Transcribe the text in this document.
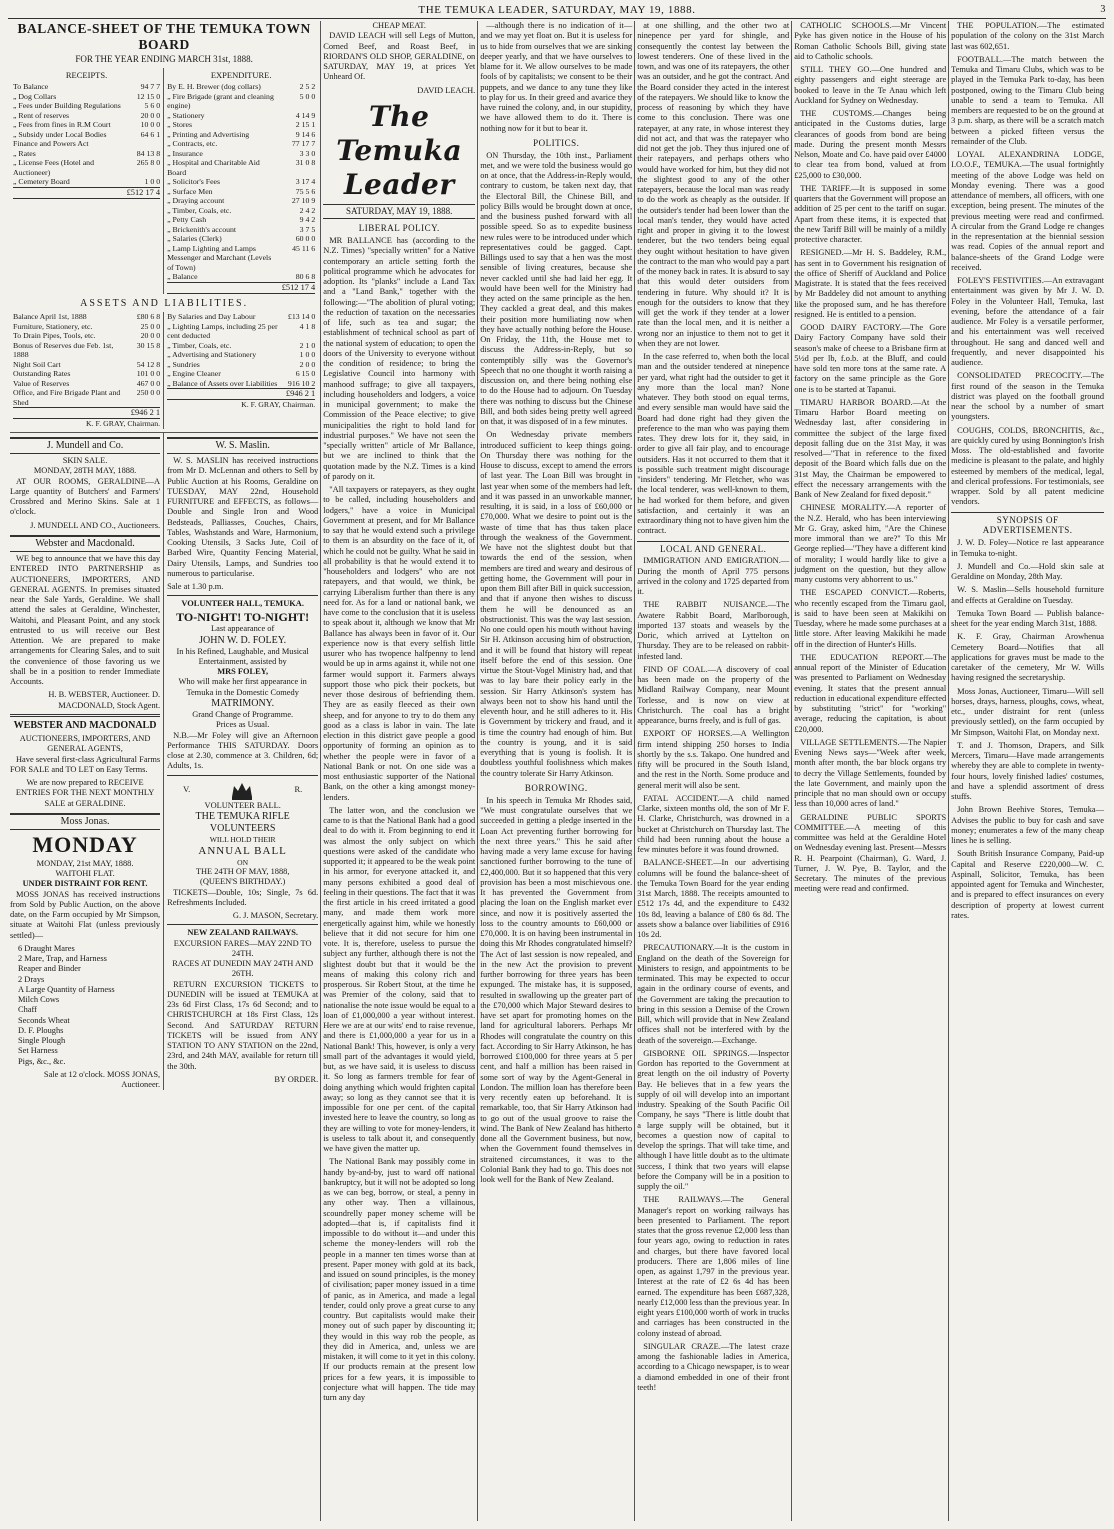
THE TEMUKA LEADER, SATURDAY, MAY 19, 1888.	3
BALANCE-SHEET OF THE TEMUKA TOWN BOARD
FOR THE YEAR ENDING MARCH 31st, 1888.
RECEIPTS.
To Balance	94 7 7
„ Dog Collars	12 15 0
„ Fees under Building Regulations	5 6 0
„ Rent of reserves	20 0 0
„ Fees from fines in R.M Court	10 0 0
„ Subsidy under Local Bodies Finance and Powers Act	64 6 1
„ Rates	84 13 8
„ License Fees (Hotel and Auctioneer)	265 8 0
„ Cemetery Board	1 0 0
£512 17 4
EXPENDITURE.
By E. H. Brewer (dog collars)	2 5 2
„ Fire Brigade (grant and cleaning engine)	5 0 0
„ Stationery	4 14 9
„ Stores	2 15 1
„ Printing and Advertising	9 14 6
„ Contracts, etc.	77 17 7
„ Insurance	3 3 0
„ Hospital and Charitable Aid Board	31 0 8
„ Solicitor's Fees	3 17 4
„ Surface Men	75 5 6
„ Draying account	27 10 9
„ Timber, Coals, etc.	2 4 2
„ Petty Cash	9 4 2
„ Brickenith's account	3 7 5
„ Salaries (Clerk)	60 0 0
„ Lamp Lighting and Lamps Messenger and Marchant (Levels of Town)	45 11 6
„ Balance	80 6 8
£512 17 4
ASSETS AND LIABILITIES.
Balance April 1st, 1888	£80 6 8
Furniture, Stationery, etc.	25 0 0
To Drain Pipes, Tools, etc.	20 0 0
Bonus of Reserves due Feb. 1st, 1888	30 15 8
Night Soil Cart	54 12 8
Outstanding Rates	101 0 0
Value of Reserves	467 0 0
Office, and Fire Brigade Plant and Shed	250 0 0
£946 2 1
K. F. GRAY, Chairman.
By Salaries and Day Labour	£13 14 0
„ Lighting Lamps, including 25 per cent deducted	4 1 8
„ Timber, Coals, etc.	2 1 0
„ Advertising and Stationery	1 0 0
„ Sundries	2 0 0
„ Engine Cleaner	6 15 0
„ Balance of Assets over Liabilities	916 10 2
£946 2 1
K. F. GRAY, Chairman.
J. Mundell and Co.
SKIN SALE.
MONDAY, 28TH MAY, 1888.

AT OUR ROOMS, GERALDINE—A Large quantity of Butchers' and Farmers' Crossbred and Merino Skins. Sale at 1 o'clock.

J. MUNDELL AND CO., Auctioneers.
Webster and Macdonald.

WE beg to announce that we have this day ENTERED INTO PARTNERSHIP as AUCTIONEERS, IMPORTERS, AND GENERAL AGENTS. In premises situated near the Sale Yards, Geraldine. We shall attend the sales at Geraldine, Winchester, Waitohi, and Pleasant Point, and any stock entrusted to us will receive our Best Attention. We are prepared to make arrangements for Clearing Sales, and to suit the convenience of those favoring us we shall be in a position to render Immediate Accounts.

H. B. WEBSTER, Auctioneer. D. MACDONALD, Stock Agent.
WEBSTER AND MACDONALD
AUCTIONEERS, IMPORTERS, AND GENERAL AGENTS,

Have several first-class Agricultural Farms FOR SALE and TO LET on Easy Terms.

We are now prepared to RECEIVE ENTRIES FOR THE NEXT MONTHLY SALE at GERALDINE.

Moss Jonas.
MONDAY
MONDAY, 21st MAY, 1888.
WAITOHI FLAT.
UNDER DISTRAINT FOR RENT.

MOSS JONAS has received instructions from Sold by Public Auction, on the above date, on the Farm occupied by Mr Simpson, situate at Waitohi Flat (unless previously settled)—

6 Draught Mares
2 Mare, Trap, and Harness
Reaper and Binder
2 Drays
A Large Quantity of Harness
Milch Cows
Chaff
Seconds Wheat
D. F. Ploughs
Single Plough
Set Harness
Pigs, &c., &c.
Sale at 12 o'clock. MOSS JONAS, Auctioneer.
W. S. Maslin.

W. S. MASLIN has received instructions from Mr D. McLennan and others to Sell by Public Auction at his Rooms, Geraldine on TUESDAY, MAY 22nd, Household FURNITURE and EFFECTS, as follows—Double and Single Iron and Wood Bedsteads, Palliasses, Couches, Chairs, Tables, Washstands and Ware, Harmonium, Cooking Utensils, 3 Sacks Jute, Coil of Barbed Wire, Quantity Fencing Material, Dairy Utensils, Lamps, and Sundries too numerous to particularise.

Sale at 1.30 p.m.
VOLUNTEER HALL, TEMUKA.
TO-NIGHT! TO-NIGHT!
Last appearance of
JOHN W. D. FOLEY.
In his Refined, Laughable, and Musical Entertainment, assisted by
MRS FOLEY,
Who will make her first appearance in Temuka in the Domestic Comedy
MATRIMONY.
Grand Change of Programme.
Prices as Usual.

N.B.—Mr Foley will give an Afternoon Performance THIS SATURDAY. Doors close at 2.30, commence at 3. Children, 6d; Adults, 1s.

V.	R.
VOLUNTEER BALL.
THE TEMUKA RIFLE VOLUNTEERS
WILL HOLD THEIR
ANNUAL BALL
ON
THE 24TH OF MAY, 1888,
(QUEEN'S BIRTHDAY.)

TICKETS—Double, 10s; Single, 7s 6d. Refreshments Included.

G. J. MASON, Secretary.
NEW ZEALAND RAILWAYS.
EXCURSION FARES—MAY 22ND TO 24TH.
RACES AT DUNEDIN MAY 24TH AND 26TH.

RETURN EXCURSION TICKETS to DUNEDIN will be issued at TEMUKA at 23s 6d First Class, 17s 6d Second; and to CHRISTCHURCH at 18s First Class, 12s Second. And SATURDAY RETURN TICKETS will be issued from ANY STATION TO ANY STATION on the 22nd, 23rd, and 24th MAY, available for return till the 30th.

BY ORDER.
CHEAP MEAT.

DAVID LEACH will sell Legs of Mutton, Corned Beef, and Roast Beef, in RIORDAN'S OLD SHOP, GERALDINE, on SATURDAY, MAY 19, at prices Yet Unheard Of.

DAVID LEACH.
The Temuka Leader
SATURDAY, MAY 19, 1888.
LIBERAL POLICY.

MR BALLANCE has (according to the N.Z. Times) "specially written" for a Native contemporary an article setting forth the political programme which he advocates for adoption. Its "planks" include a Land Tax and a "Land Bank," together with the following:—"The abolition of plural voting; the reduction of taxation on the necessaries of life, such as tea and sugar; the establishment of technical school as part of the national system of education; to open the doors of the University to everyone without the condition of residence; to bring the Legislative Council into harmony with manhood suffrage; to give all taxpayers, including householders and lodgers, a voice in municipal government; to make the Commission of the Peace elective; to give municipalities the right to hold land for industrial purposes." We have not seen the "specially written" article of Mr Ballance, but we are inclined to think that the quotation made by the N.Z. Times is a kind of parody on it.

"All taxpayers or ratepayers, as they ought to be called, including householders and lodgers," have a voice in Municipal Government at present, and for Mr Ballance to say that he would extend such a privilege to them is an absurdity on the face of it, of which he could not be guilty. What he said in all probability is that he would extend it to "householders and lodgers" who are not ratepayers, and that would, we think, be carrying Liberalism further than there is any need for. As for a land or national bank, we have come to the conclusion that it is useless to speak about it, although we know that Mr Ballance has always been in favor of it. Our experience now is that every selfish little usurer who has twopence halfpenny to lend would be up in arms against it, while not one farmer would support it. Farmers always support those who pick their pockets, but never those desirous of befriending them. They are as easily fleeced as their own sheep, and for anyone to try to do them any good as a class is labor in vain. The late election in this district gave people a good opportunity of forming an opinion as to whether the people were in favor of a National Bank or not. On one side was a most enthusiastic supporter of the National Bank, on the other a king amongst money-lenders.

The latter won, and the conclusion we came to is that the National Bank had a good deal to do with it. From beginning to end it was almost the only subject on which questions were asked of the candidate who supported it; it appeared to be the weak point in his armor, for everyone attacked it, and many persons exhibited a good deal of feeling in their questions. The fact that it was the first article in his creed irritated a good many, and made them work more energetically against him, while we honestly believe that it did not secure for him one vote. It is, therefore, useless to pursue the subject any further, although there is not the slightest doubt but that it would be the means of making this colony rich and prosperous. Sir Robert Stout, at the time he was Premier of the colony, said that to nationalise the note issue would be equal to a loan of £1,000,000 a year without interest. Here we are at our wits' end to raise revenue, and there is £1,000,000 a year for us in a National Bank! This, however, is only a very small part of the advantages it would yield, but, as we have said, it is useless to discuss it. So long as farmers tremble for fear of doing anything which would frighten capital away; so long as they cannot see that it is impossible for one per cent. of the capital invested here to leave the country, so long as they are willing to vote for money-lenders, it is useless to talk about it, and consequently we have given the matter up.

The National Bank may possibly come in handy by-and-by, just to ward off national bankruptcy, but it will not be adopted so long as we can beg, borrow, or steal, a penny in any other way. Then a villainous, scoundrelly paper money scheme will be adopted—that is, if capitalists find it impossible to do without it—and under this scheme the money-lenders will rob the people in a manner ten times worse than at present. Paper money with gold at its back, and issued on sound principles, is the money of civilisation; paper money issued in a time of panic, as in America, and made a legal tender, could only prove a great curse to any country. But capitalists would make their money out of such paper by discounting it; they would in this way rob the people, as they did in America, and, unless we are mistaken, it will come to it yet in this colony. If our products remain at the present low prices for a few years, it is impossible to conjecture what will happen. The tide may turn any day

—although there is no indication of it—and we may yet float on. But it is useless for us to hide from ourselves that we are sinking deeper yearly, and that we have ourselves to blame for it. We allow ourselves to be made fools of by capitalists; we consent to be their puppets, and we dance to any tune they like to play for us. In their greed and avarice they have ruined the colony, and, in our stupidity, we have allowed them to do it. There is nothing now for it but to bear it.

POLITICS.

ON Thursday, the 10th inst., Parliament met, and we were told the business would go on at once, that the Address-in-Reply would, contrary to custom, be taken next day, that the Electoral Bill, the Chinese Bill, and policy Bills would be brought down at once, and the business pushed forward with all possible speed. So as to expedite business new rules were to be introduced under which representatives could be gagged. Capt. Billings used to say that a hen was the most sensible of living creatures, because she never cackled until she had laid her egg. It would have been well for the Ministry had they acted on the same principle as the hen. They cackled a great deal, and this makes their position more humiliating now when they have actually nothing before the House. On Friday, the 11th, the House met to discuss the Address-in-Reply, but so contemptibly silly was the Governor's Speech that no one thought it worth raising a discussion on, and there being nothing else to do the House had to adjourn. On Tuesday there was nothing to discuss but the Chinese Bill, and both sides being pretty well agreed on that, it was disposed of in a few minutes.

On Wednesday private members introduced sufficient to keep things going. On Thursday there was nothing for the House to discuss, except to amend the errors of last year. The Loan Bill was brought in last year when some of the members had left, and it was passed in an unworkable manner, resulting, it is said, in a loss of £60,000 or £70,000. What we desire to point out is the waste of time that has thus taken place through the weakness of the Government. We have not the slightest doubt but that towards the end of the session, when members are tired and weary and desirous of getting home, the Government will pour in upon them Bill after Bill in quick succession, and that if anyone then wishes to discuss them he will be denounced as an obstructionist. This was the way last session. No one could open his mouth without having Sir H. Atkinson accusing him of obstruction, and it will be found that history will repeat itself before the end of this session. One virtue the Stout-Vogel Ministry had, and that was to lay bare their policy early in the session. Sir Harry Atkinson's system has always been not to show his hand until the eleventh hour, and he still adheres to it. His is Government by trickery and fraud, and it is time the country had enough of him. But the country is young, and it is said everything that is young is foolish. It is doubtless youthful foolishness which makes the country tolerate Sir Harry Atkinson.

BORROWING.

In his speech in Temuka Mr Rhodes said, "We must congratulate ourselves that we succeeded in getting a pledge inserted in the Loan Act preventing further borrowing for the next three years." This he said after having made a very lame excuse for having sanctioned further borrowing to the tune of £2,400,000. But it so happened that this very provision has been a most mischievous one. It has prevented the Government from placing the loan on the English market ever since, and now it is positively asserted the loss to the country amounts to £60,000 or £70,000. It is on having been instrumental in doing this Mr Rhodes congratulated himself? The Act of last session is now repealed, and in the new Act the provision to prevent further borrowing for three years has been expunged. The mistake has, it is supposed, resulted in swallowing up the greater part of the £70,000 which Major Steward desires to have set apart for promoting homes on the land for agricultural laborers. Perhaps Mr Rhodes will congratulate the country on this fact. According to Sir Harry Atkinson, he has borrowed £100,000 for three years at 5 per cent, and half a million has been raised in some sort of way by the Agent-General in London. The million loan has therefore been very recently eaten up beforehand. It is remarkable, too, that Sir Harry Atkinson had to go out of the usual groove to raise the wind. The Bank of New Zealand has hitherto done all the Government business, but now, when the Government found themselves in straitened circumstances, it was to the Colonial Bank they had to go. This does not look well for the Bank of New Zealand.

at one shilling, and the other two at ninepence per yard for shingle, and consequently the contest lay between the lowest tenderers. One of these lived in the town, and was one of its ratepayers, the other was an outsider, and he got the contract. And the Board consider they acted in the interest of the ratepayers. We should like to know the process of reasoning by which they have come to this conclusion. There was one ratepayer, at any rate, in whose interest they did not act, and that was the ratepayer who did not get the job. They thus injured one of their ratepayers, and perhaps others who would have worked for him, but they did not the slightest good to any of the other ratepayers, because the local man was ready to do the work as cheaply as the outsider. If the outsider's tender had been lower than the local man's tender, they would have acted right and proper in giving it to the lowest tenderer, but the two tenders being equal they ought without hesitation to have given the contract to the man who would pay a part of the money back in rates. It is absurd to say that this would deter outsiders from tendering in future. Why should it? It is enough for the outsiders to know that they will get the work if they tender at a lower rate than the local men, and it is neither a wrong nor an injustice to them not to get it when they are not lower.

In the case referred to, when both the local man and the outsider tendered at ninepence per yard, what right had the outsider to get it any more than the local man? None whatever. They both stood on equal terms, and every sensible man would have said the Board had done right had they given the preference to the man who was paying them rates. They drew lots for it, they said, in order to give all fair play, and to encourage outsiders. Has it not occurred to them that it is possible such treatment might discourage "insiders" tendering. Mr Fletcher, who was the local tenderer, was well-known to them, he had worked for them before, and given satisfaction, and certainly it was an extraordinary thing not to have given him the contract.

LOCAL AND GENERAL.

IMMIGRATION AND EMIGRATION.—During the month of April 775 persons arrived in the colony and 1725 departed from it.

THE RABBIT NUISANCE.—The Awatere Rabbit Board, Marlborough, imported 137 stoats and weasels by the Doric, which arrived at Lyttelton on Thursday. They are to be released on rabbit-infested land.

FIND OF COAL.—A discovery of coal has been made on the property of the Midland Railway Company, near Mount Torlesse, and is now on view at Christchurch. The coal has a bright appearance, burns freely, and is full of gas.

EXPORT OF HORSES.—A Wellington firm intend shipping 250 horses to India shortly by the s.s. Takapo. One hundred and fifty will be procured in the South Island, and the rest in the North. Some produce and general merit will also be sent.

FATAL ACCIDENT.—A child named Clarke, sixteen months old, the son of Mr F. H. Clarke, Christchurch, was drowned in a bucket at Christchurch on Thursday last. The child had been running about the house a few minutes before it was found drowned.

BALANCE-SHEET.—In our advertising columns will be found the balance-sheet of the Temuka Town Board for the year ending 31st March, 1888. The receipts amounted to £512 17s 4d, and the expenditure to £432 10s 8d, leaving a balance of £80 6s 8d. The assets show a balance over liabilities of £916 10s 2d.

PRECAUTIONARY.—It is the custom in England on the death of the Sovereign for Ministers to resign, and appointments to be terminated. This may be expected to occur again in the ordinary course of events, and the Government are taking the precaution to bring in this session a Demise of the Crown Bill, which will provide that in New Zealand offices shall not be interfered with by the death of the sovereign.—Exchange.

GISBORNE OIL SPRINGS.—Inspector Gordon has reported to the Government at great length on the oil industry of Poverty Bay. He believes that in a few years the supply of oil will develop into an important industry. Speaking of the South Pacific Oil Company, he says "There is little doubt that a large supply will be obtained, but it becomes a question now of capital to develop the springs. That will take time, and although I have little doubt as to the ultimate success, I think that two years will elapse before the Company will be in a position to supply the oil."

THE RAILWAYS.—The General Manager's report on working railways has been presented to Parliament. The report states that the gross revenue £2,000 less than four years ago, owing to reduction in rates and charges, but there have favored local producers. There are 1,806 miles of line open, as against 1,797 in the previous year. Interest at the rate of £2 6s 4d has been earned. The expenditure has been £687,328, nearly £12,000 less than the previous year. In eight years £100,000 worth of work in trucks and carriages has been constructed in the colony instead of abroad.

SINGULAR CRAZE.—The latest craze among the fashionable ladies in America, according to a Chicago newspaper, is to wear a diamond embedded in one of their front teeth!

CATHOLIC SCHOOLS.—Mr Vincent Pyke has given notice in the House of his Roman Catholic Schools Bill, giving state aid to Catholic schools.

STILL THEY GO.—One hundred and eighty passengers and eight steerage are booked to leave in the Te Anau which left Auckland for Sydney on Wednesday.

THE CUSTOMS.—Changes being anticipated in the Customs duties, large clearances of goods from bond are being made. During the present month Messrs Nelson, Moate and Co. have paid over £4000 to clear tea from bond, valued at from £25,000 to £30,000.

THE TARIFF.—It is supposed in some quarters that the Government will propose an addition of 25 per cent to the tariff on sugar. Apart from these items, it is expected that the new Tariff Bill will be mainly of a mildly protective character.

RESIGNED.—Mr H. S. Baddeley, R.M., has sent in to Government his resignation of the office of Sheriff of Auckland and Police Magistrate. It is stated that the fees received by Mr Baddeley did not amount to anything like the proposed sum, and he has therefore resigned. He is entitled to a pension.

GOOD DAIRY FACTORY.—The Gore Dairy Factory Company have sold their season's make of cheese to a Brisbane firm at 5½d per lb, f.o.b. at the Bluff, and could have sold ten more tons at the same rate. A factory on the same principle as the Gore one is to be started at Tapanui.

TIMARU HARBOR BOARD.—At the Timaru Harbor Board meeting on Wednesday last, after considering in committee the subject of the large fixed deposit falling due on the 31st May, it was resolved—"That in reference to the fixed deposit of the Board which falls due on the 31st May, the Chairman be empowered to effect the necessary arrangements with the Bank of New Zealand for fixed deposit."

CHINESE MORALITY.—A reporter of the N.Z. Herald, who has been interviewing Mr G. Gray, asked him, "Are the Chinese more immoral than we are?" To this Mr George replied—"They have a different kind of morality; I would hardly like to give a judgment on the question, but they allow many customs very abhorrent to us."

THE ESCAPED CONVICT.—Roberts, who recently escaped from the Timaru gaol, is said to have been seen at Makikihi on Tuesday, where he made some purchases at a little store. After leaving Makikihi he made off in the direction of Hunter's Hills.

THE EDUCATION REPORT.—The annual report of the Minister of Education was presented to Parliament on Wednesday evening. It states that the present annual reduction in educational expenditure effected by substituting "strict" for "working" average, reducing the capitation, is about £20,000.

VILLAGE SETTLEMENTS.—The Napier Evening News says—"Week after week, month after month, the bar block organs try to decry the Village Settlements, founded by the late Government, and mainly upon the principle that no man should own or occupy less than 10,000 acres of land."

GERALDINE PUBLIC SPORTS COMMITTEE.—A meeting of this committee was held at the Geraldine Hotel on Wednesday evening last. Present—Messrs R. H. Pearpoint (Chairman), G. Ward, J. Turner, J. W. Pye, B. Taylor, and the Secretary. The minutes of the previous meeting were read and confirmed.

THE POPULATION.—The estimated population of the colony on the 31st March last was 602,651.

FOOTBALL.—The match between the Temuka and Timaru Clubs, which was to be played in the Temuka Park to-day, has been postponed, owing to the Timaru Club being unable to send a team to Temuka. All members are requested to be on the ground at 3 p.m. sharp, as there will be a scratch match between a picked fifteen versus the remainder of the Club.

LOYAL ALEXANDRINA LODGE, I.O.O.F., TEMUKA.—The usual fortnightly meeting of the above Lodge was held on Monday evening. There was a good attendance of members, all officers, with one exception, being present. The minutes of the previous meeting were read and confirmed. A circular from the Grand Lodge re changes in the representation at the biennial session was read. Copies of the annual report and balance-sheets of the Grand Lodge were received.

FOLEY'S FESTIVITIES.—An extravagant entertainment was given by Mr J. W. D. Foley in the Volunteer Hall, Temuka, last evening, before the attendance of a fair audience. Mr Foley is a versatile performer, and his entertainment was well received throughout. He sang and danced well and frequently, and never disappointed his audience.

CONSOLIDATED PRECOCITY.—The first round of the season in the Temuka district was played on the football ground near the school by a number of smart youngsters.

COUGHS, COLDS, BRONCHITIS, &c., are quickly cured by using Bonnington's Irish Moss. The old-established and favorite medicine is pleasant to the palate, and highly esteemed by members of the medical, legal, and clerical professions. For testimonials, see wrapper. Sold by all patent medicine vendors.

SYNOPSIS OF ADVERTISEMENTS.

J. W. D. Foley—Notice re last appearance in Temuka to-night.

J. Mundell and Co.—Hold skin sale at Geraldine on Monday, 28th May.

W. S. Maslin—Sells household furniture and effects at Geraldine on Tuesday.

Temuka Town Board — Publish balance-sheet for the year ending March 31st, 1888.

K. F. Gray, Chairman Arowhenua Cemetery Board—Notifies that all applications for graves must be made to the caretaker of the cemetery, Mr W. Wills having resigned the secretaryship.

Moss Jonas, Auctioneer, Timaru—Will sell horses, drays, harness, ploughs, cows, wheat, etc., under distraint for rent (unless previously settled), on the farm occupied by Mr Simpson, Waitohi Flat, on Monday next.

T. and J. Thomson, Drapers, and Silk Mercers, Timaru—Have made arrangements whereby they are able to complete in twenty-four hours, lovely finished ladies' costumes, and have a splendid assortment of dress stuffs.

John Brown Beehive Stores, Temuka—Advises the public to buy for cash and save money; enumerates a few of the many cheap lines he is selling.

South British Insurance Company, Paid-up Capital and Reserve £220,000—W. C. Aspinall, Solicitor, Temuka, has been appointed agent for Temuka and Winchester, and is prepared to effect insurances on every description of property at lowest current rates.
